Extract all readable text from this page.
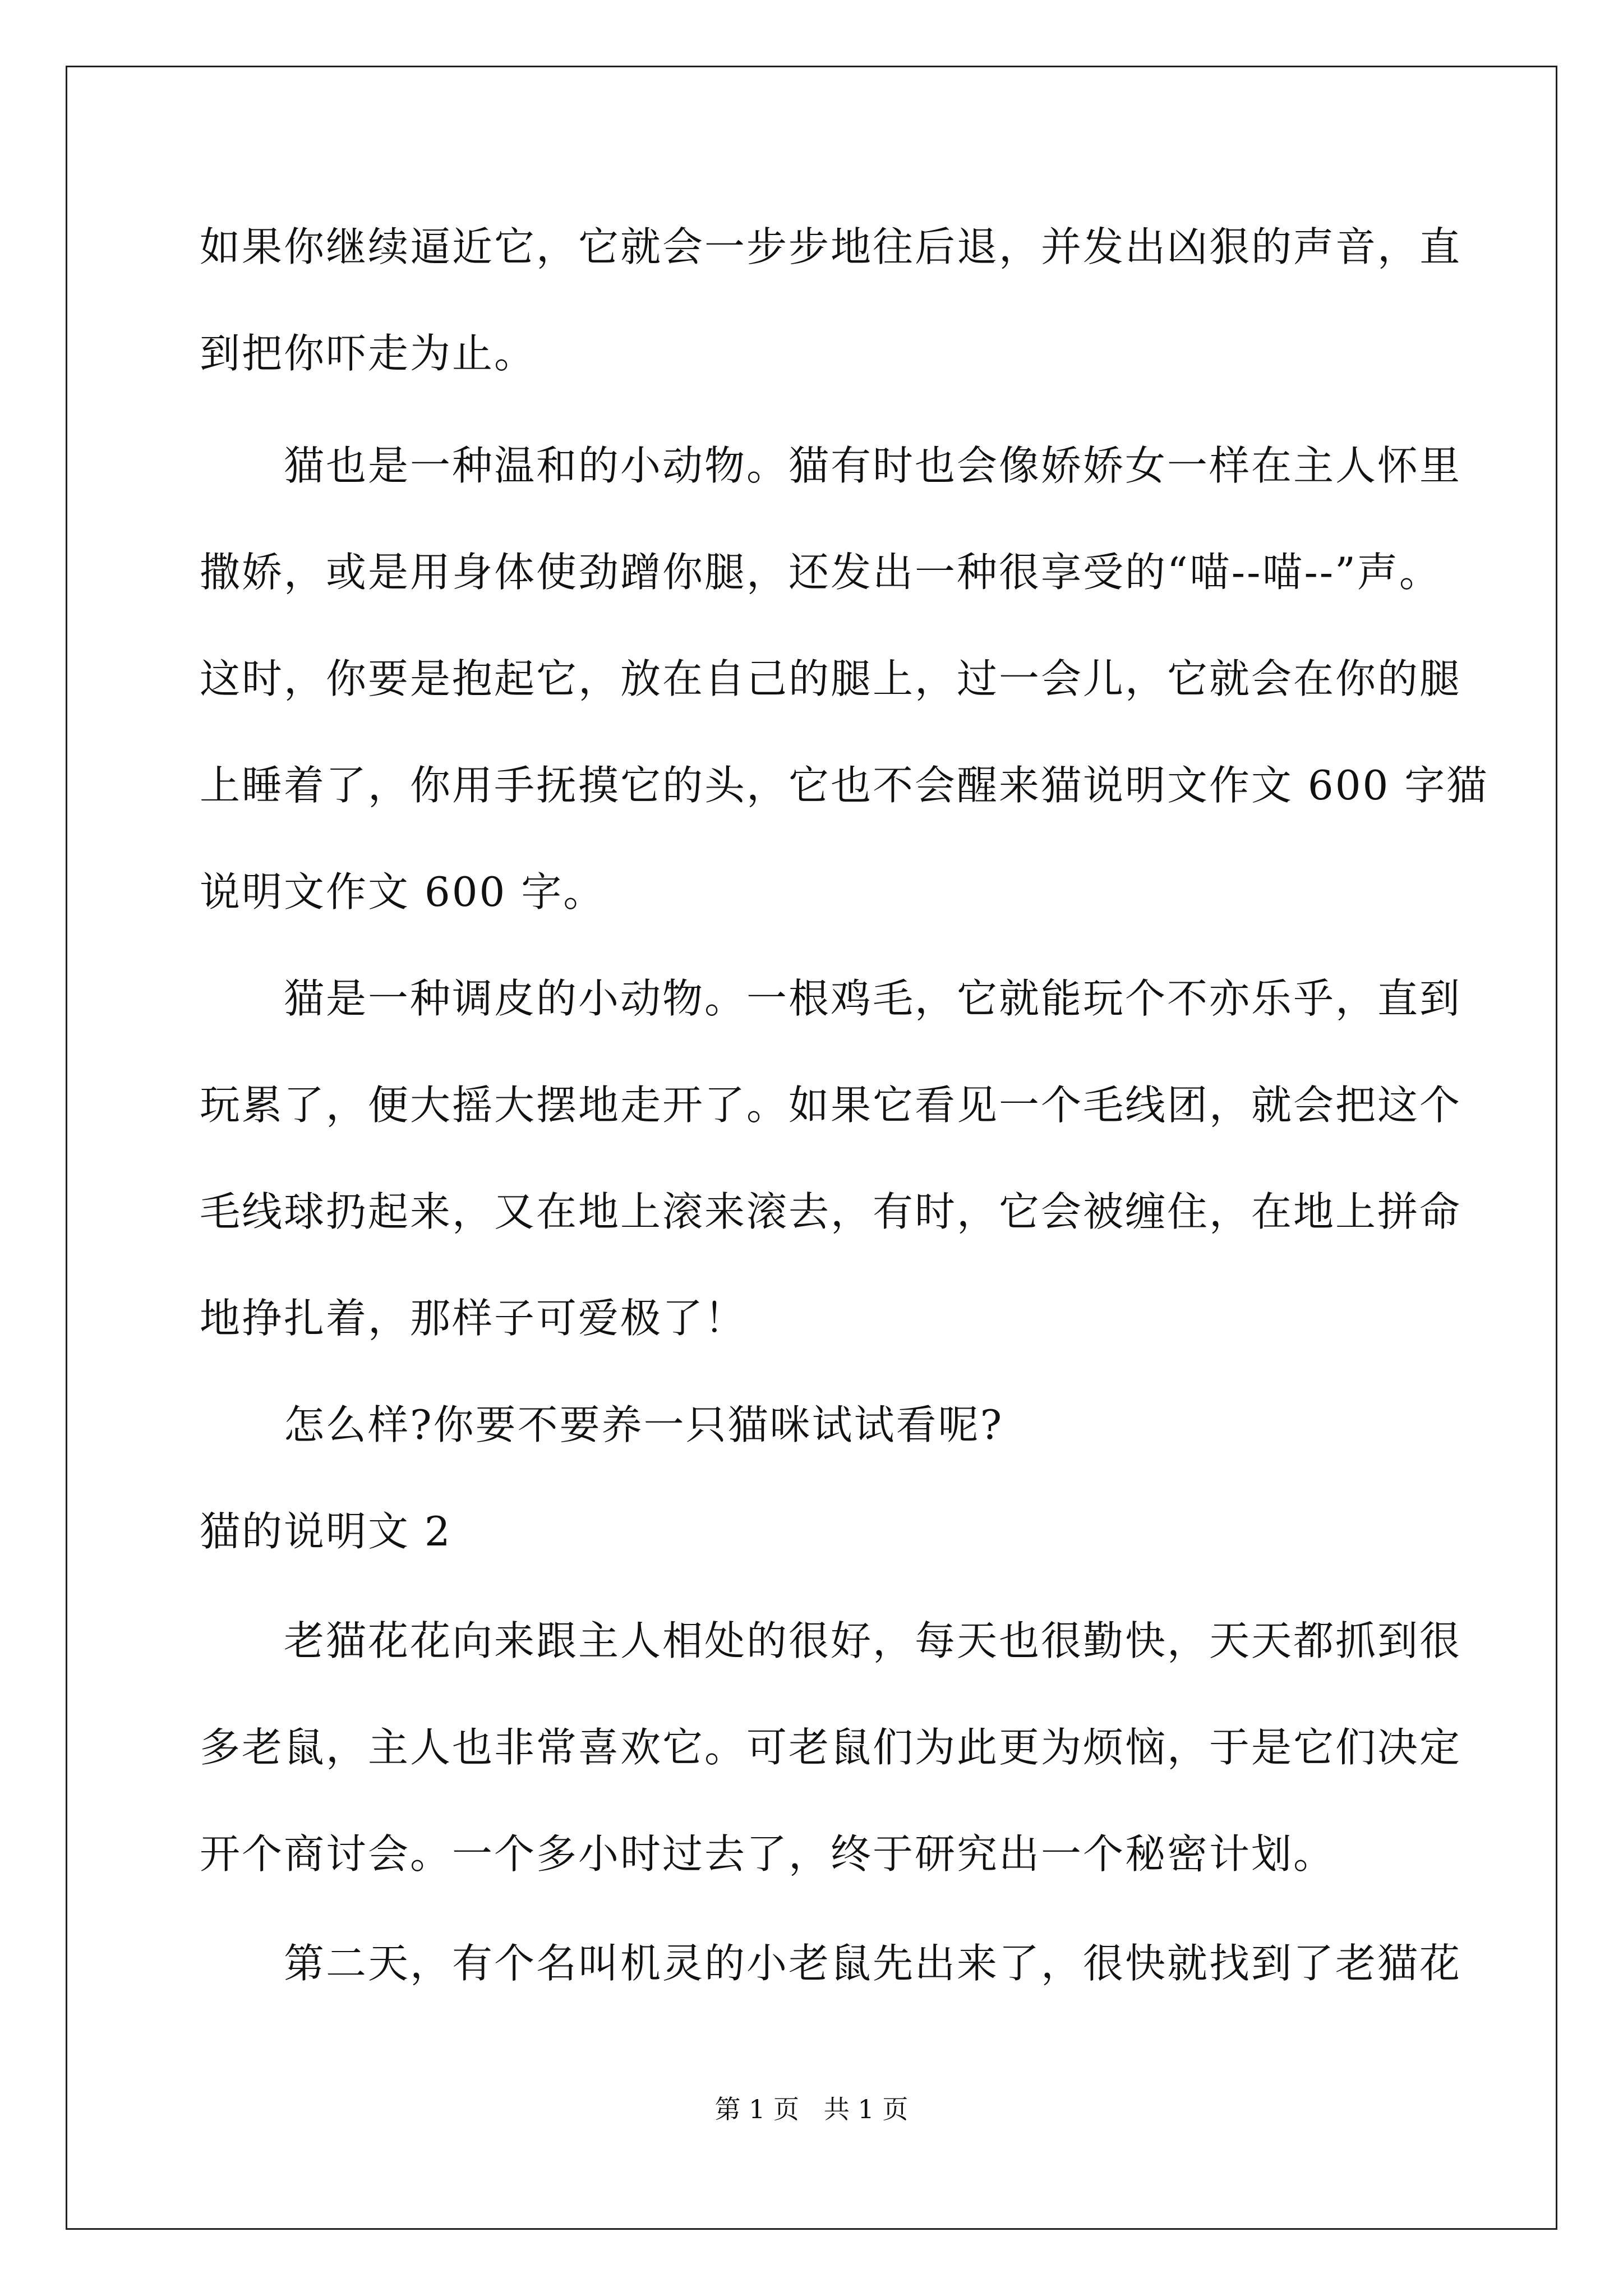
如果你继续逼近它，它就会一步步地往后退，并发出凶狠的声音，直
到把你吓走为止。
猫也是一种温和的小动物。猫有时也会像娇娇女一样在主人怀里
撒娇，或是用身体使劲蹭你腿，还发出一种很享受的“喵--喵--”声。
这时，你要是抱起它，放在自己的腿上，过一会儿，它就会在你的腿
上睡着了，你用手抚摸它的头，它也不会醒来猫说明文作文 600 字猫
说明文作文 600 字。
猫是一种调皮的小动物。一根鸡毛，它就能玩个不亦乐乎，直到
玩累了，便大摇大摆地走开了。如果它看见一个毛线团，就会把这个
毛线球扔起来，又在地上滚来滚去，有时，它会被缠住，在地上拼命
地挣扎着，那样子可爱极了！
怎么样?你要不要养一只猫咪试试看呢?
猫的说明文 2
老猫花花向来跟主人相处的很好，每天也很勤快，天天都抓到很
多老鼠，主人也非常喜欢它。可老鼠们为此更为烦恼，于是它们决定
开个商讨会。一个多小时过去了，终于研究出一个秘密计划。
第二天，有个名叫机灵的小老鼠先出来了，很快就找到了老猫花
第 1 页   共 1 页
